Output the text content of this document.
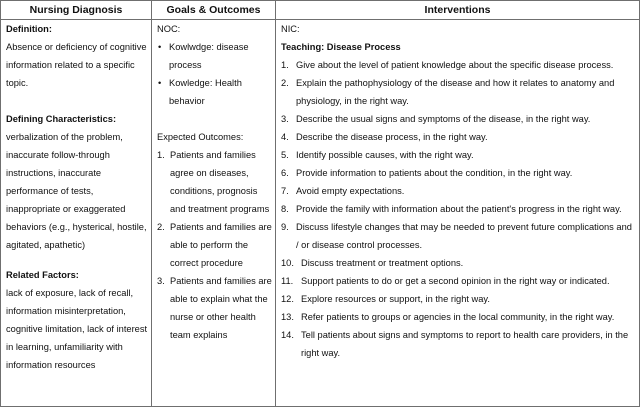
Nursing Diagnosis	Goals & Outcomes	Interventions

Definition:

Absence or deficiency of cognitive information related to a specific topic.

Defining Characteristics:

verbalization of the problem, inaccurate follow-through instructions, inaccurate performance of tests, inappropriate or exaggerated behaviors (e.g., hysterical, hostile, agitated, apathetic)

Related Factors:

lack of exposure, lack of recall, information misinterpretation, cognitive limitation, lack of interest in learning, unfamiliarity with information resources

NOC:

• Kowlwdge: disease process
• Kowledge: Health behavior

Expected Outcomes:

1. Patients and families agree on diseases, conditions, prognosis and treatment programs
2. Patients and families are able to perform the correct procedure
3. Patients and families are able to explain what the nurse or other health team explains

NIC:

Teaching: Disease Process

1. Give about the level of patient knowledge about the specific disease process.
2. Explain the pathophysiology of the disease and how it relates to anatomy and physiology, in the right way.
3. Describe the usual signs and symptoms of the disease, in the right way.
4. Describe the disease process, in the right way.
5. Identify possible causes, with the right way.
6. Provide information to patients about the condition, in the right way.
7. Avoid empty expectations.
8. Provide the family with information about the patient's progress in the right way.
9. Discuss lifestyle changes that may be needed to prevent future complications and / or disease control processes.
10. Discuss treatment or treatment options.
11. Support patients to do or get a second opinion in the right way or indicated.
12. Explore resources or support, in the right way.
13. Refer patients to groups or agencies in the local community, in the right way.
14. Tell patients about signs and symptoms to report to health care providers, in the right way.
